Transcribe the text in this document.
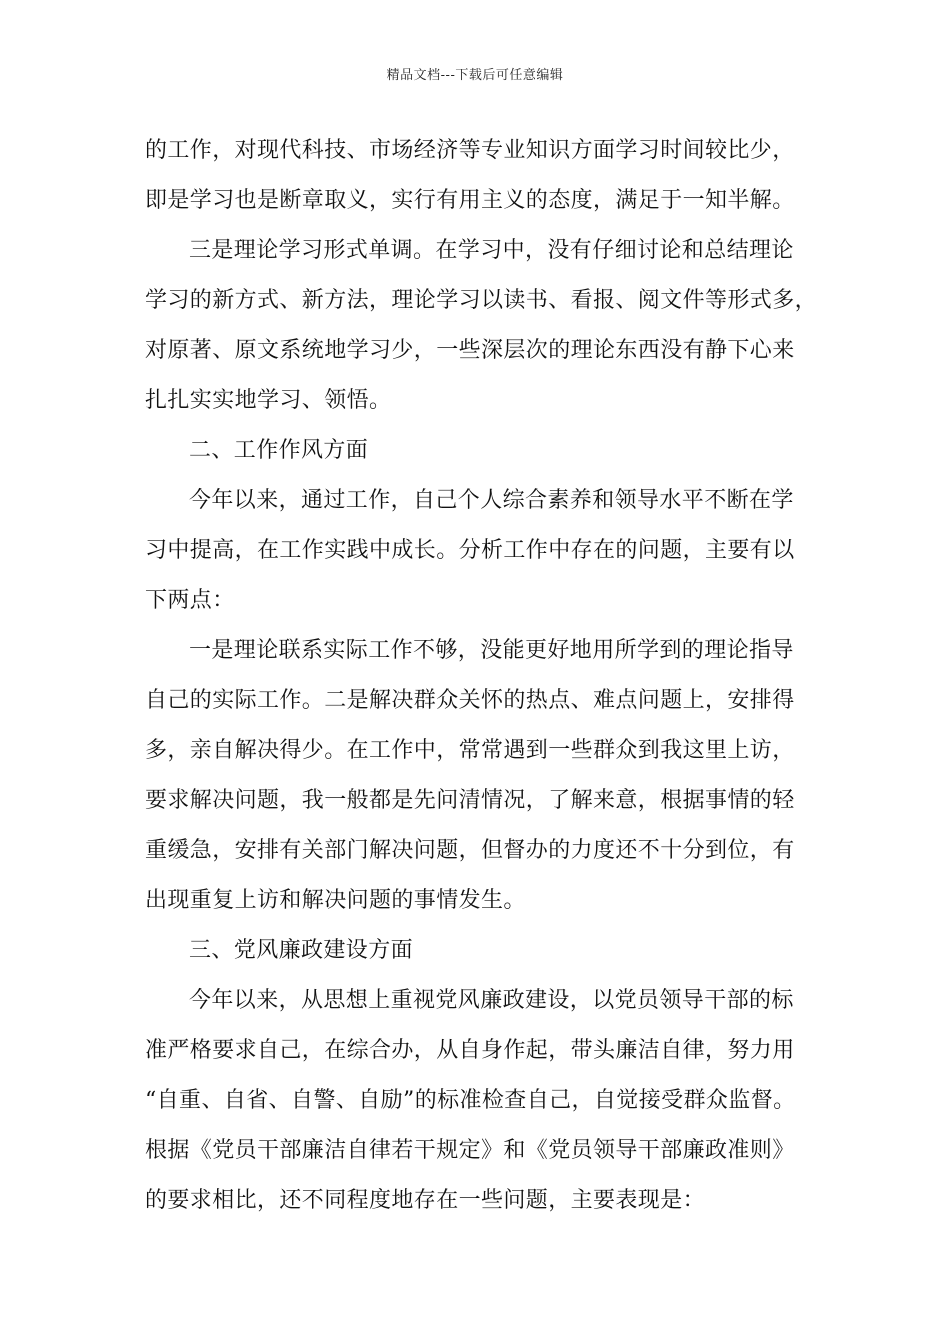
精品文档---下载后可任意编辑
的工作，对现代科技、市场经济等专业知识方面学习时间较比少，
即是学习也是断章取义，实行有用主义的态度，满足于一知半解。
三是理论学习形式单调。在学习中，没有仔细讨论和总结理论
学习的新方式、新方法，理论学习以读书、看报、阅文件等形式多，
对原著、原文系统地学习少，一些深层次的理论东西没有静下心来
扎扎实实地学习、领悟。
二、工作作风方面
今年以来，通过工作，自己个人综合素养和领导水平不断在学
习中提高，在工作实践中成长。分析工作中存在的问题，主要有以
下两点：
一是理论联系实际工作不够，没能更好地用所学到的理论指导
自己的实际工作。二是解决群众关怀的热点、难点问题上，安排得
多，亲自解决得少。在工作中，常常遇到一些群众到我这里上访，
要求解决问题，我一般都是先问清情况，了解来意，根据事情的轻
重缓急，安排有关部门解决问题，但督办的力度还不十分到位，有
出现重复上访和解决问题的事情发生。
三、党风廉政建设方面
今年以来，从思想上重视党风廉政建设，以党员领导干部的标
准严格要求自己，在综合办，从自身作起，带头廉洁自律，努力用
“自重、自省、自警、自励”的标准检查自己，自觉接受群众监督。
根据《党员干部廉洁自律若干规定》和《党员领导干部廉政准则》
的要求相比，还不同程度地存在一些问题，主要表现是：
